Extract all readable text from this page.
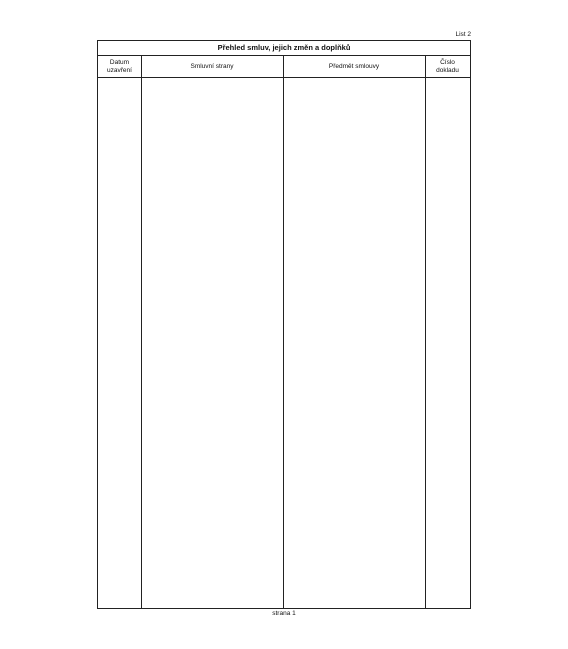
List 2
Přehled smluv, jejich změn a doplňků
Datum
uzavření
Smluvní strany	Předmět smlouvy
Číslo
dokladu
strana 1
